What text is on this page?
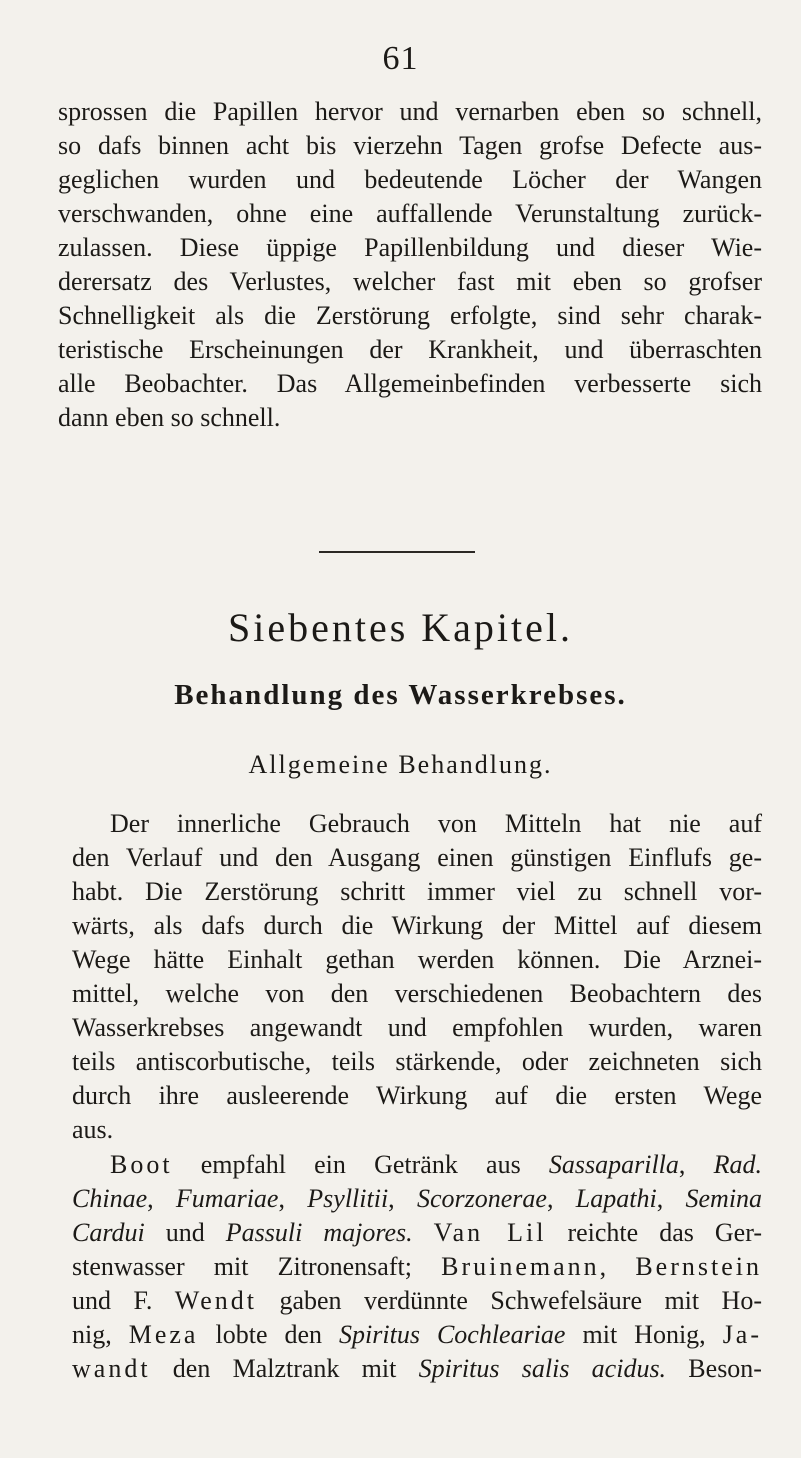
61
sprossen die Papillen hervor und vernarben eben so schnell,
so dafs binnen acht bis vierzehn Tagen grofse Defecte aus-
geglichen wurden und bedeutende Löcher der Wangen
verschwanden, ohne eine auffallende Verunstaltung zurück-
zulassen. Diese üppige Papillenbildung und dieser Wie-
derersatz des Verlustes, welcher fast mit eben so grofser
Schnelligkeit als die Zerstörung erfolgte, sind sehr charak-
teristische Erscheinungen der Krankheit, und überraschten
alle Beobachter. Das Allgemeinbefinden verbesserte sich
dann eben so schnell.
Siebentes Kapitel.
Behandlung des Wasserkrebses.
Allgemeine Behandlung.
Der innerliche Gebrauch von Mitteln hat nie auf
den Verlauf und den Ausgang einen günstigen Einflufs ge-
habt. Die Zerstörung schritt immer viel zu schnell vor-
wärts, als dafs durch die Wirkung der Mittel auf diesem
Wege hätte Einhalt gethan werden können. Die Arznei-
mittel, welche von den verschiedenen Beobachtern des
Wasserkrebses angewandt und empfohlen wurden, waren
teils antiscorbutische, teils stärkende, oder zeichneten sich
durch ihre ausleerende Wirkung auf die ersten Wege
aus.
Boot empfahl ein Getränk aus Sassaparilla, Rad.
Chinae, Fumariae, Psyllitii, Scorzonerae, Lapathi, Semina
Cardui und Passuli majores. Van Lil reichte das Ger-
stenwasser mit Zitronensaft; Bruinemann, Bernstein
und F. Wendt gaben verdünnte Schwefelsäure mit Ho-
nig, Meza lobte den Spiritus Cochleariae mit Honig, Ja-
wandt den Malztrank mit Spiritus salis acidus. Beson-
